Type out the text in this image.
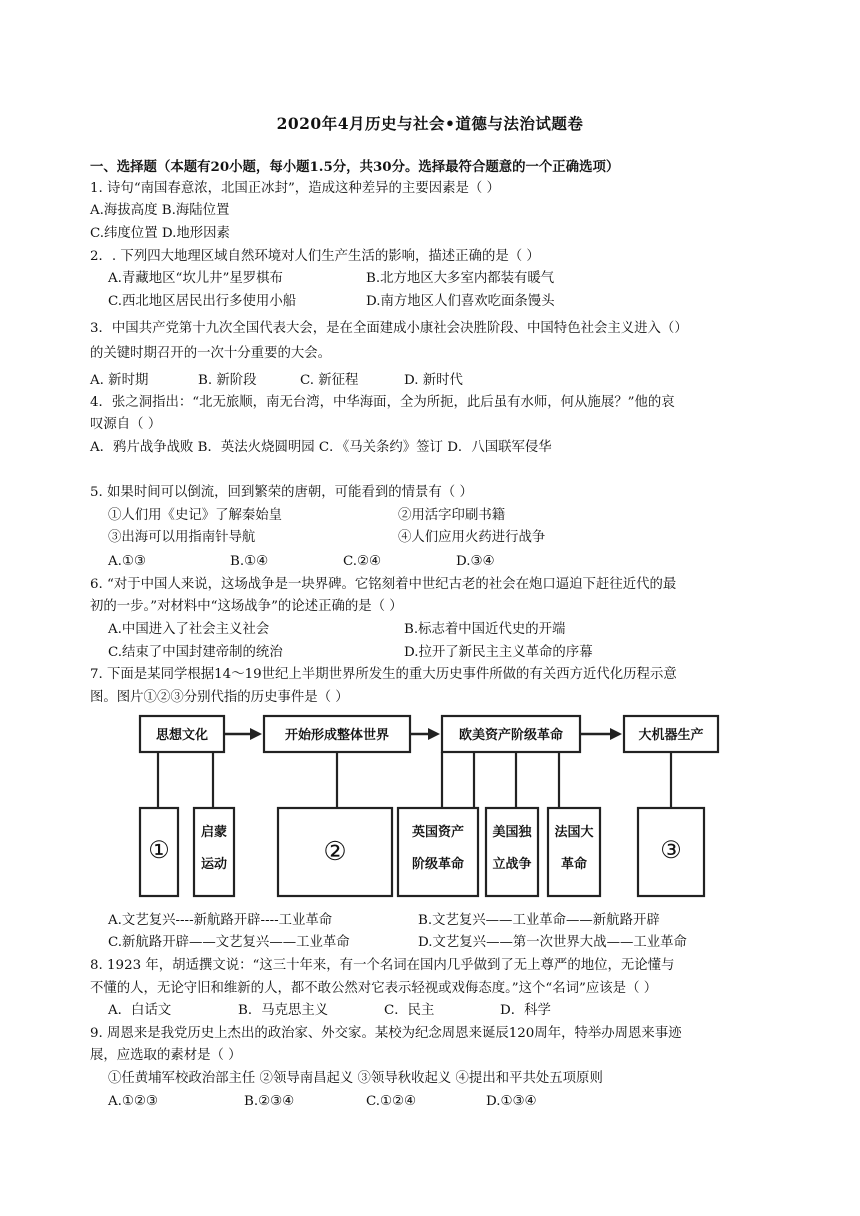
2020年4月历史与社会•道德与法治试题卷
一、选择题（本题有20小题，每小题1.5分，共30分。选择最符合题意的一个正确选项）
1. 诗句“南国春意浓，北国正冰封”，造成这种差异的主要因素是（ ）
A.海拔高度 B.海陆位置
C.纬度位置 D.地形因素
2．. 下列四大地理区域自然环境对人们生产生活的影响，描述正确的是（ ）
A.青藏地区“坎儿井”星罗棋布	B.北方地区大多室内都装有暖气
C.西北地区居民出行多使用小船	D.南方地区人们喜欢吃面条馒头
3．中国共产党第十九次全国代表大会，是在全面建成小康社会决胜阶段、中国特色社会主义进入（）
的关键时期召开的一次十分重要的大会。
A. 新时期	B. 新阶段	C. 新征程	D. 新时代
4．张之洞指出：“北无旅顺，南无台湾，中华海面，全为所扼，此后虽有水师，何从施展？”他的哀
叹源自（ ）
A．鸦片战争战败 B．英法火烧圆明园 C．《马关条约》签订 D．八国联军侵华
5. 如果时间可以倒流，回到繁荣的唐朝，可能看到的情景有（ ）
①人们用《史记》了解秦始皇	②用活字印刷书籍
③出海可以用指南针导航	④人们应用火药进行战争
A.①③	B.①④	C.②④	D.③④
6. “对于中国人来说，这场战争是一块界碑。它铭刻着中世纪古老的社会在炮口逼迫下赶往近代的最
初的一步。”对材料中“这场战争”的论述正确的是（ ）
A.中国进入了社会主义社会	B.标志着中国近代史的开端
C.结束了中国封建帝制的统治	D.拉开了新民主主义革命的序幕
7. 下面是某同学根据14～19世纪上半期世界所发生的重大历史事件所做的有关西方近代化历程示意
图。图片①②③分别代指的历史事件是（ ）
思想文化	开始形成整体世界	欧美资产阶级革命	大机器生产
①
启蒙
运动	②
英国资产
阶级革命
美国独
立战争
法国大
革命
③
A.文艺复兴----新航路开辟----工业革命	B.文艺复兴——工业革命——新航路开辟
C.新航路开辟——文艺复兴——工业革命	D.文艺复兴——第一次世界大战——工业革命
8. 1923 年，胡适撰文说：“这三十年来，有一个名词在国内几乎做到了无上尊严的地位，无论懂与
不懂的人，无论守旧和维新的人，都不敢公然对它表示轻视或戏侮态度。”这个“名词”应该是（ ）
A．白话文	B．马克思主义	C．民主	D．科学
9. 周恩来是我党历史上杰出的政治家、外交家。某校为纪念周恩来诞辰120周年，特举办周恩来事迹
展，应选取的素材是（ ）
①任黄埔军校政治部主任 ②领导南昌起义 ③领导秋收起义 ④提出和平共处五项原则
A.①②③	B.②③④	C.①②④	D.①③④
